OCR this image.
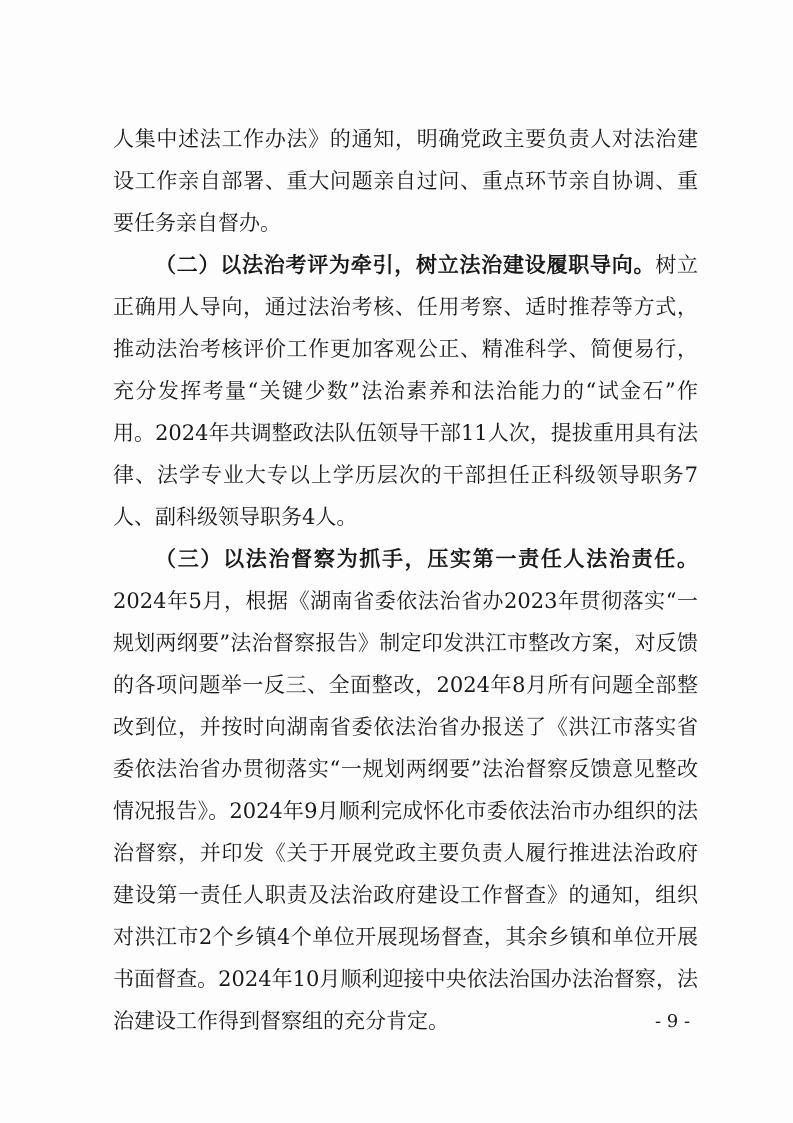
人集中述法工作办法》的通知，明确党政主要负责人对法治建设工作亲自部署、重大问题亲自过问、重点环节亲自协调、重要任务亲自督办。

（二）以法治考评为牵引，树立法治建设履职导向。树立正确用人导向，通过法治考核、任用考察、适时推荐等方式，推动法治考核评价工作更加客观公正、精准科学、简便易行，充分发挥考量“关键少数”法治素养和法治能力的“试金石”作用。2024年共调整政法队伍领导干部11人次，提拔重用具有法律、法学专业大专以上学历层次的干部担任正科级领导职务7人、副科级领导职务4人。

（三）以法治督察为抓手，压实第一责任人法治责任。2024年5月，根据《湖南省委依法治省办2023年贯彻落实“一规划两纲要”法治督察报告》制定印发洪江市整改方案，对反馈的各项问题举一反三、全面整改，2024年8月所有问题全部整改到位，并按时向湖南省委依法治省办报送了《洪江市落实省委依法治省办贯彻落实“一规划两纲要”法治督察反馈意见整改情况报告》。2024年9月顺利完成怀化市委依法治市办组织的法治督察，并印发《关于开展党政主要负责人履行推进法治政府建设第一责任人职责及法治政府建设工作督查》的通知，组织对洪江市2个乡镇4个单位开展现场督查，其余乡镇和单位开展书面督查。2024年10月顺利迎接中央依法治国办法治督察，法治建设工作得到督察组的充分肯定。	- 9 -
